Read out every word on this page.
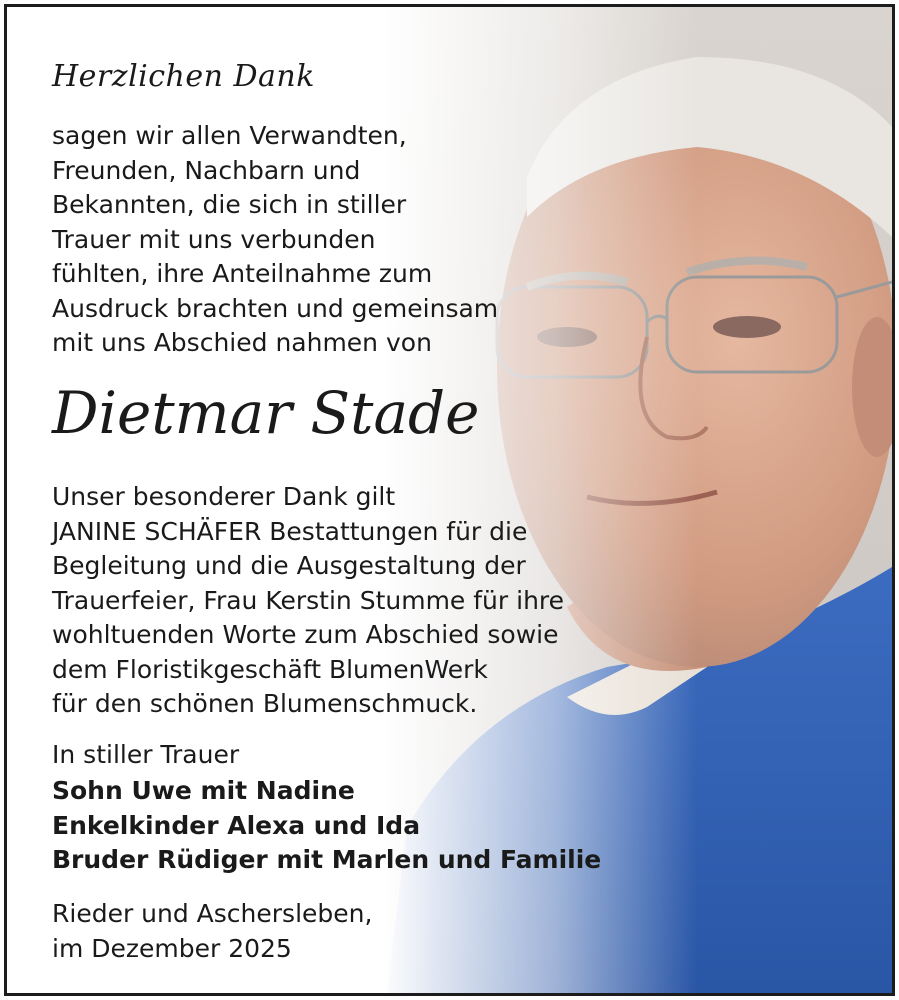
Herzlichen Dank
sagen wir allen Verwandten,
Freunden, Nachbarn und
Bekannten, die sich in stiller
Trauer mit uns verbunden
fühlten, ihre Anteilnahme zum
Ausdruck brachten und gemeinsam
mit uns Abschied nahmen von
Dietmar Stade
Unser besonderer Dank gilt
JANINE SCHÄFER Bestattungen für die
Begleitung und die Ausgestaltung der
Trauerfeier, Frau Kerstin Stumme für ihre
wohltuenden Worte zum Abschied sowie
dem Floristikgeschäft BlumenWerk
für den schönen Blumenschmuck.
In stiller Trauer
Sohn Uwe mit Nadine
Enkelkinder Alexa und Ida
Bruder Rüdiger mit Marlen und Familie
Rieder und Aschersleben,
im Dezember 2025
